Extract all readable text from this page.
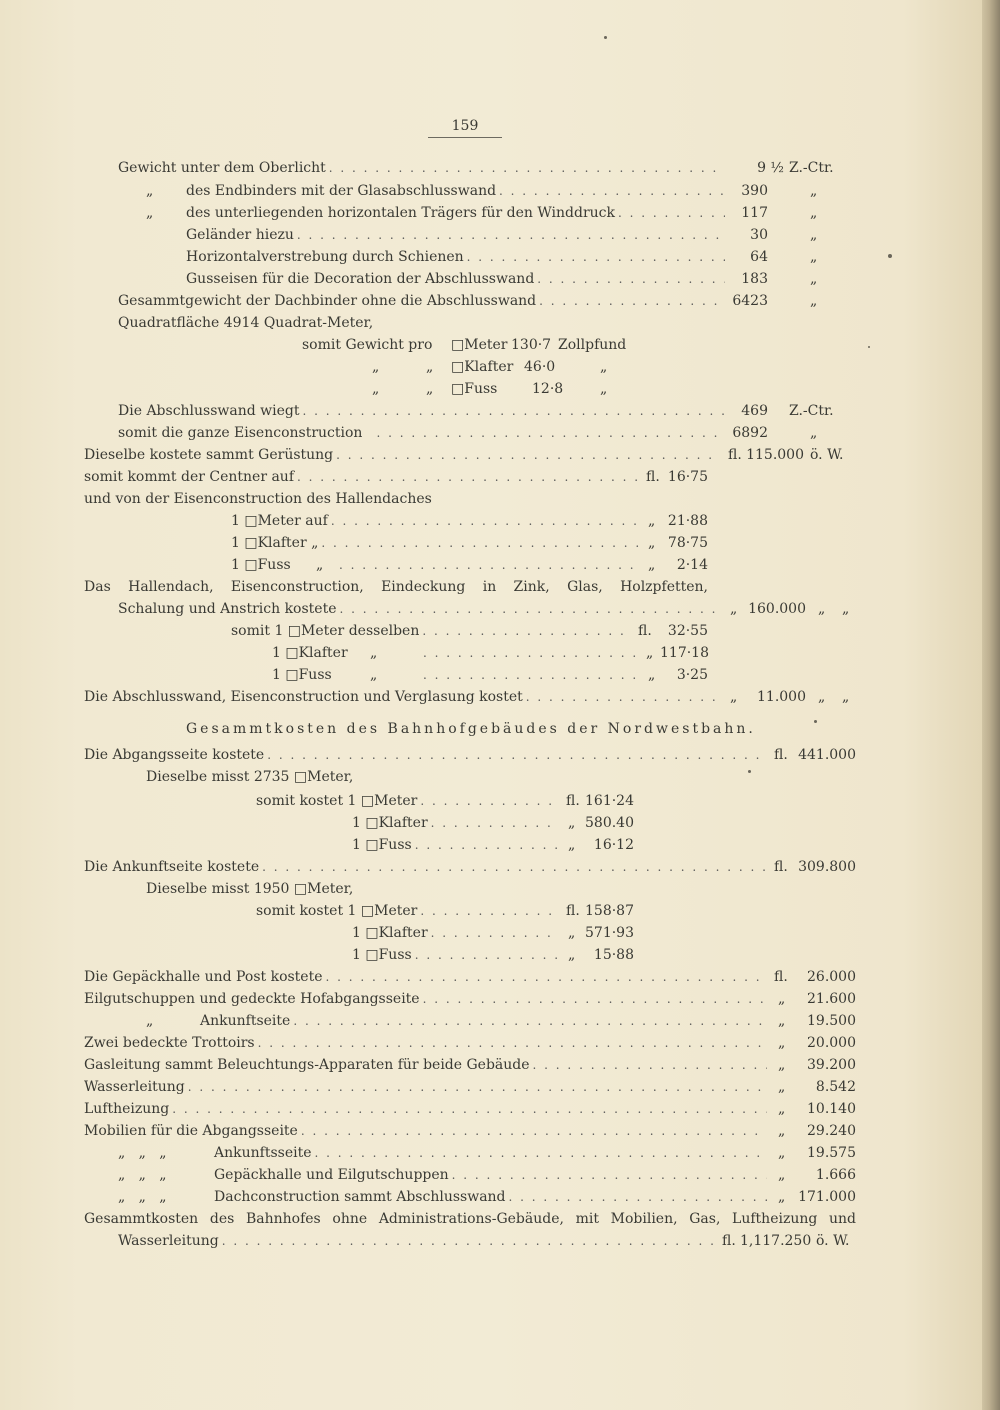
159
Gewicht unter dem Oberlicht . . .	9 ½ Z.-Ctr.
„ des Endbinders mit der Glasabschlusswand . . .	390	„
„ des unterliegenden horizontalen Trägers für den Winddruck . . .	117	„
Geländer hiezu . . .	30	„
Horizontalverstrebung durch Schienen . . .	64	„
Gusseisen für die Decoration der Abschlusswand . . .	183	„
Gesammtgewicht der Dachbinder ohne die Abschlusswand . . .	6423	„
Quadratfläche 4914 Quadrat-Meter,
somit Gewicht pro □Meter 130·7 Zollpfund
„	„ □Klafter 46·0	„
„	„ □Fuss 12·8	„
Die Abschlusswand wiegt . . .	469 Z.-Ctr.
somit die ganze Eisenconstruction . . .	6892	„
Dieselbe kostete sammt Gerüstung . . .	fl. 115.000 ö. W.
somit kommt der Centner auf . . .	fl. 16·75
und von der Eisenconstruction des Hallendaches
1 □Meter auf . . .	„ 21·88
1 □Klafter „ . . .	„ 78·75
1 □Fuss „ . . .	„	2·14
Das Hallendach, Eisenconstruction, Eindeckung in Zink, Glas, Holzpfetten,
Schalung und Anstrich kostete . . .	„ 160.000 „ „
somit 1 □Meter desselben . . .	fl.	32·55
1 □Klafter „ . . .	„ 117·18
1 □Fuss	„ . . .	„	3·25
Die Abschlusswand, Eisenconstruction und Verglasung kostet . . .	„	11.000 „ „
Gesammtkosten des Bahnhofgebäudes der Nordwestbahn.
Die Abgangsseite kostete . . .	fl. 441.000
Dieselbe misst 2735 □Meter,
somit kostet 1 □Meter . . .	fl. 161·24
1 □Klafter . . .	„ 580.40
1 □Fuss . . .	„	16·12
Die Ankunftseite kostete . . .	fl. 309.800
Dieselbe misst 1950 □Meter,
somit kostet 1 □Meter . . .	fl. 158·87
1 □Klafter . . .	„ 571·93
1 □Fuss . . .	„	15·88
Die Gepäckhalle und Post kostete . . .	fl.	26.000
Eilgutschuppen und gedeckte Hofabgangsseite . . .	„	21.600
„	Ankunftseite . . .	„	19.500
Zwei bedeckte Trottoirs . . .	„	20.000
Gasleitung sammt Beleuchtungs-Apparaten für beide Gebäude . . .	„	39.200
Wasserleitung . . .	„	8.542
Luftheizung . . .	„	10.140
Mobilien für die Abgangsseite . . .	„	29.240
„   „   „	Ankunftsseite . . .	„	19.575
„   „   „	Gepäckhalle und Eilgutschuppen . . .	„	1.666
„   „   „	Dachconstruction sammt Abschlusswand . . .	„ 171.000
Gesammtkosten des Bahnhofes ohne Administrations-Gebäude, mit Mobilien, Gas, Luftheizung und
Wasserleitung . . .	fl. 1,117.250 ö. W.
